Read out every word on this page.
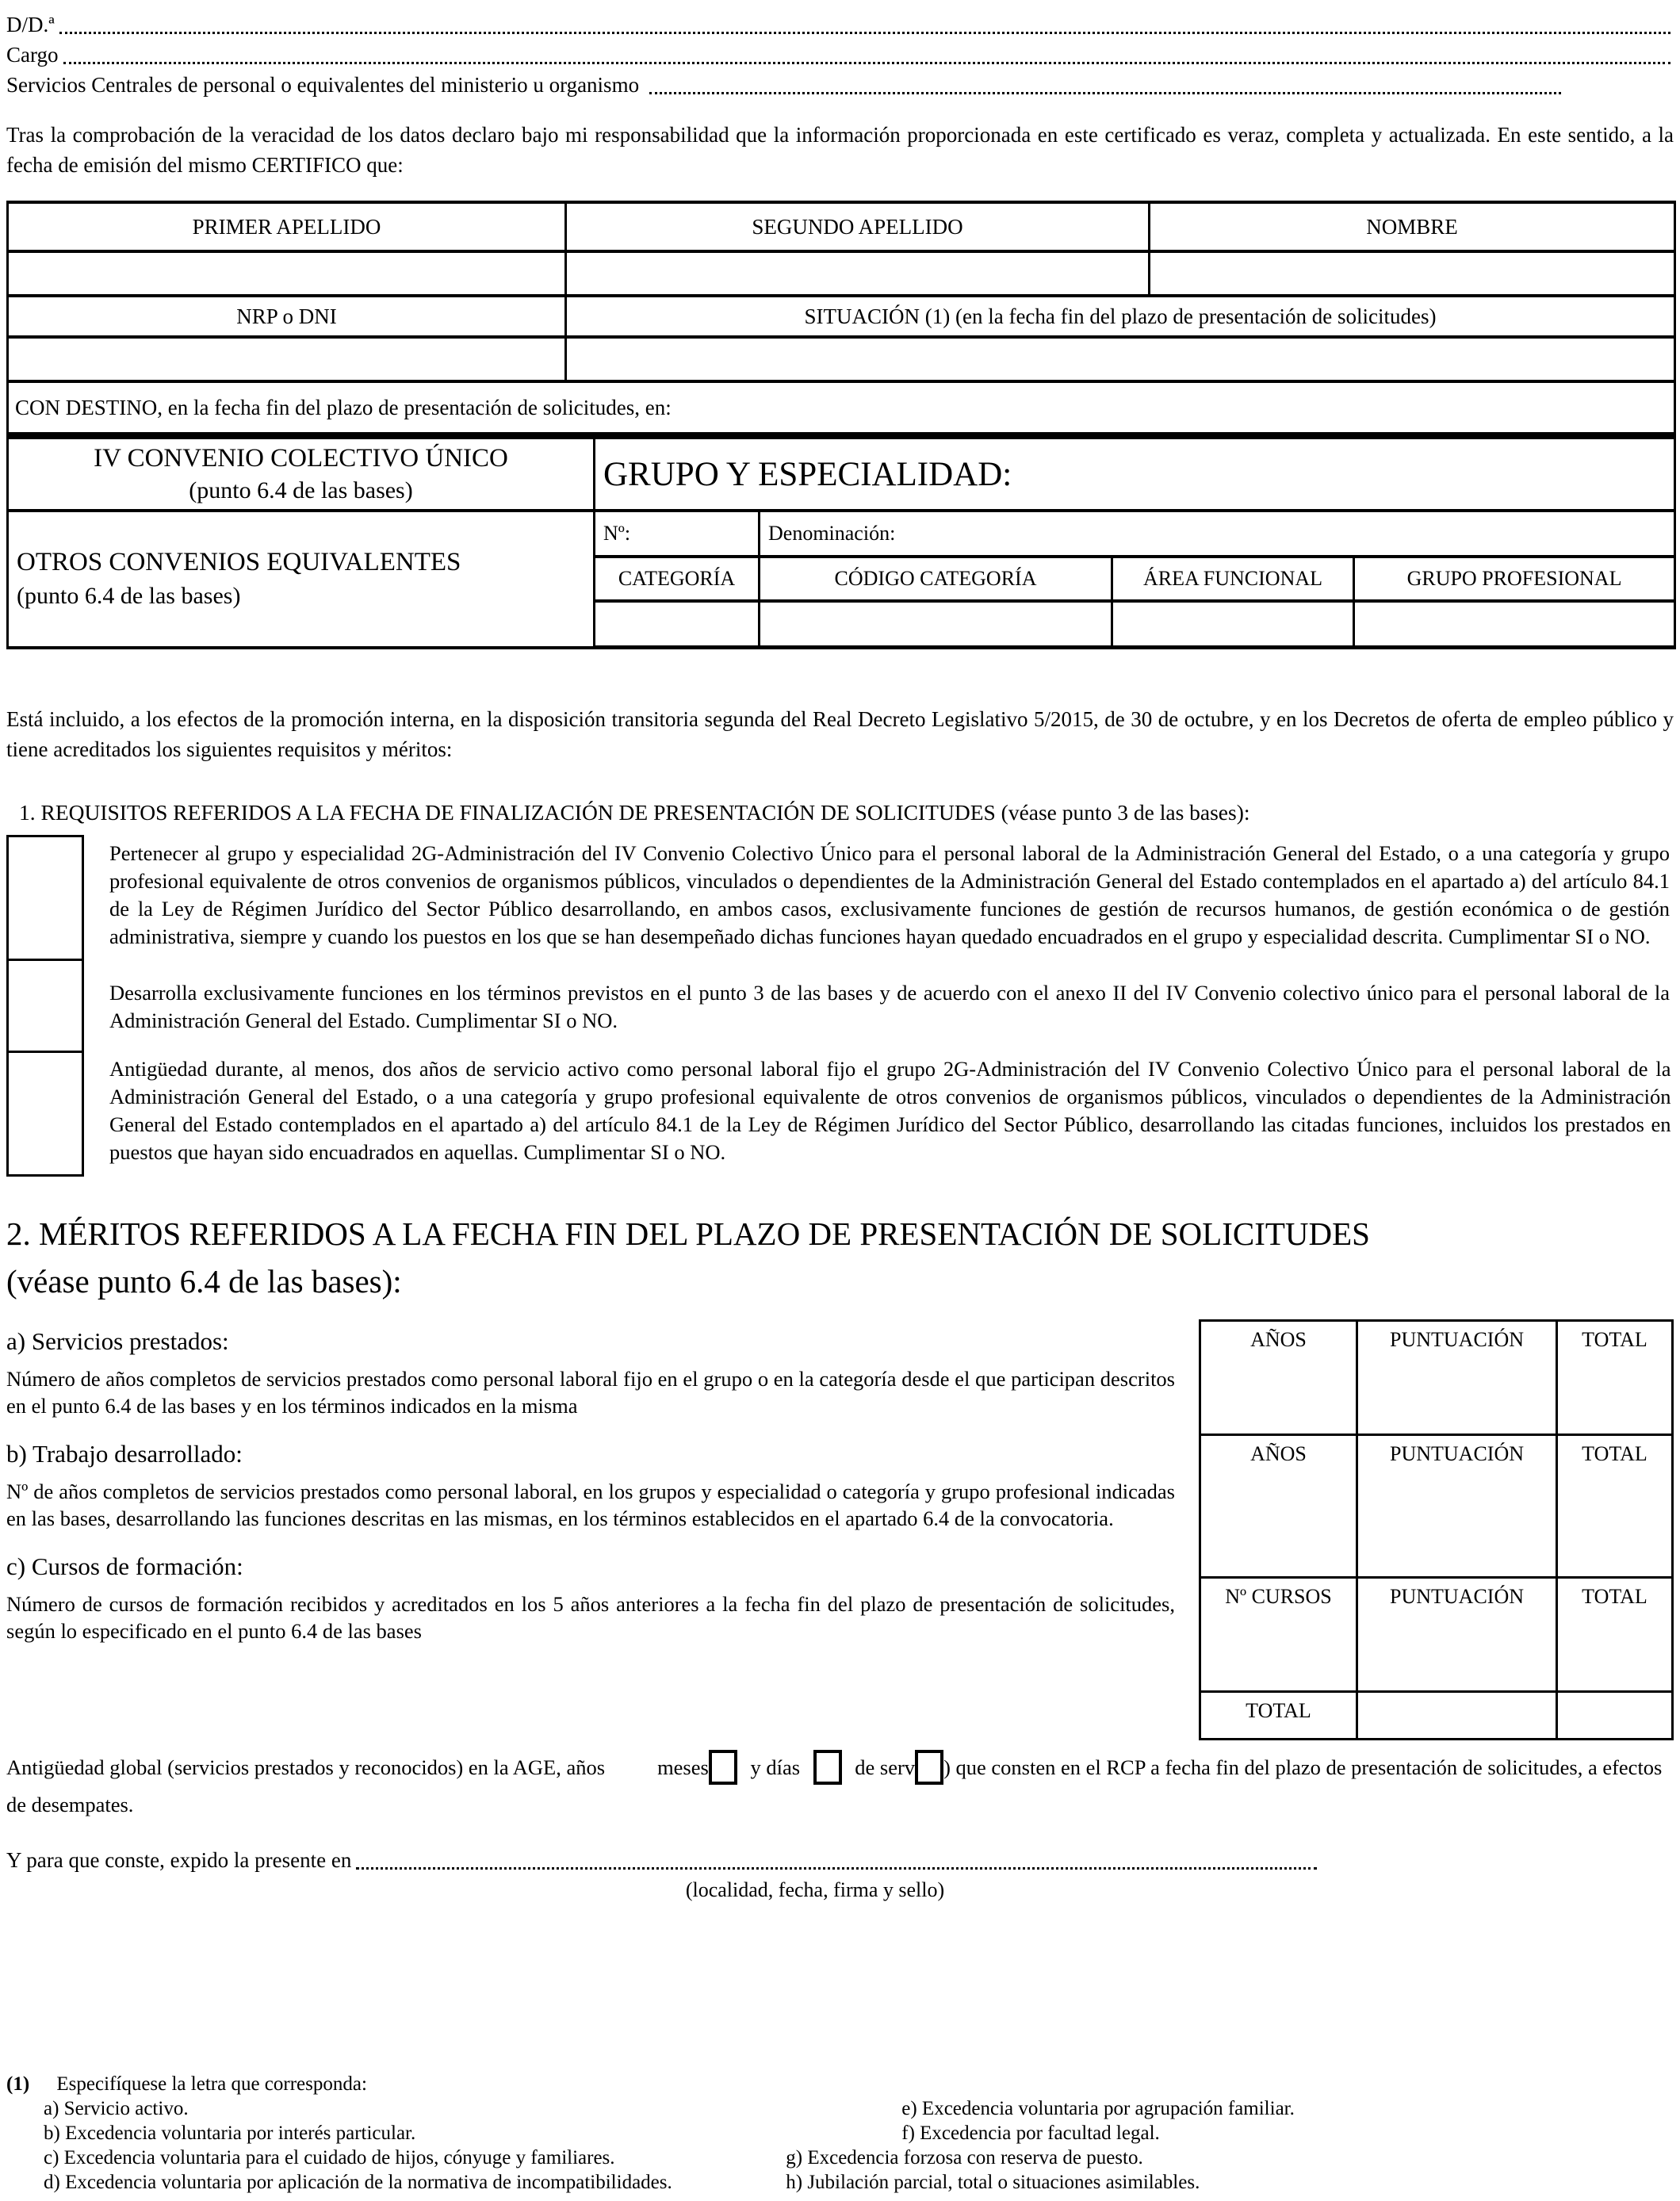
D/D.ª
Cargo
Servicios Centrales de personal o equivalentes del ministerio u organismo

Tras la comprobación de la veracidad de los datos declaro bajo mi responsabilidad que la información proporcionada en este certificado es veraz, completa y actualizada. En este sentido, a la fecha de emisión del mismo CERTIFICO que:

PRIMER APELLIDO	SEGUNDO APELLIDO	NOMBRE

NRP o DNI	SITUACIÓN (1) (en la fecha fin del plazo de presentación de solicitudes)	

CON DESTINO, en la fecha fin del plazo de presentación de solicitudes, en:		
IV CONVENIO COLECTIVO ÚNICO
(punto 6.4 de las bases)	GRUPO Y ESPECIALIDAD:			

OTROS CONVENIOS EQUIVALENTES
(punto 6.4 de las bases)	Nº:	Denominación:		
	CATEGORÍA	CÓDIGO CATEGORÍA	ÁREA FUNCIONAL	GRUPO PROFESIONAL

Está incluido, a los efectos de la promoción interna, en la disposición transitoria segunda del Real Decreto Legislativo 5/2015, de 30 de octubre, y en los Decretos de oferta de empleo público y tiene acreditados los siguientes requisitos y méritos:

1. REQUISITOS REFERIDOS A LA FECHA DE FINALIZACIÓN DE PRESENTACIÓN DE SOLICITUDES (véase punto 3 de las bases):
	Pertenecer al grupo y especialidad 2G-Administración del IV Convenio Colectivo Único para el personal laboral de la Administración General del Estado, o a una categoría y grupo profesional equivalente de otros convenios de organismos públicos, vinculados o dependientes de la Administración General del Estado contemplados en el apartado a) del artículo 84.1 de la Ley de Régimen Jurídico del Sector Público desarrollando, en ambos casos, exclusivamente funciones de gestión de recursos humanos, de gestión económica o de gestión administrativa, siempre y cuando los puestos en los que se han desempeñado dichas funciones hayan quedado encuadrados en el grupo y especialidad descrita. Cumplimentar SI o NO.
	Desarrolla exclusivamente funciones en los términos previstos en el punto 3 de las bases y de acuerdo con el anexo II del IV Convenio colectivo único para el personal laboral de la Administración General del Estado. Cumplimentar SI o NO.
	Antigüedad durante, al menos, dos años de servicio activo como personal laboral fijo el grupo 2G-Administración del IV Convenio Colectivo Único para el personal laboral de la Administración General del Estado, o a una categoría y grupo profesional equivalente de otros convenios de organismos públicos, vinculados o dependientes de la Administración General del Estado contemplados en el apartado a) del artículo 84.1 de la Ley de Régimen Jurídico del Sector Público, desarrollando las citadas funciones, incluidos los prestados en puestos que hayan sido encuadrados en aquellas. Cumplimentar SI o NO.
2. MÉRITOS REFERIDOS A LA FECHA FIN DEL PLAZO DE PRESENTACIÓN DE SOLICITUDES (véase punto 6.4 de las bases):
a) Servicios prestados:
Número de años completos de servicios prestados como personal laboral fijo en el grupo o en la categoría desde el que participan descritos en el punto 6.4 de las bases y en los términos indicados en la misma
b) Trabajo desarrollado:
Nº de años completos de servicios prestados como personal laboral, en los grupos y especialidad o categoría y grupo profesional indicadas en las bases, desarrollando las funciones descritas en las mismas, en los términos establecidos en el apartado 6.4 de la convocatoria.
c) Cursos de formación:
Número de cursos de formación recibidos y acreditados en los 5 años anteriores a la fecha fin del plazo de presentación de solicitudes, según lo especificado en el punto 6.4 de las bases
AÑOS	PUNTUACIÓN	TOTAL
AÑOS	PUNTUACIÓN	TOTAL
Nº CURSOS	PUNTUACIÓN	TOTAL
TOTAL		

Antigüedad global (servicios prestados y reconocidos) en la AGE, años meses y días	de serv ) que consten en el RCP a fecha fin del plazo de presentación de solicitudes, a efectos de desempates.

Y para que conste, expido la presente en
(localidad, fecha, firma y sello)
(1) Especifíquese la letra que corresponda:
a) Servicio activo.	e) Excedencia voluntaria por agrupación familiar.
b) Excedencia voluntaria por interés particular.	f) Excedencia por facultad legal.
c) Excedencia voluntaria para el cuidado de hijos, cónyuge y familiares.	g) Excedencia forzosa con reserva de puesto.
d) Excedencia voluntaria por aplicación de la normativa de incompatibilidades.	h) Jubilación parcial, total o situaciones asimilables.
